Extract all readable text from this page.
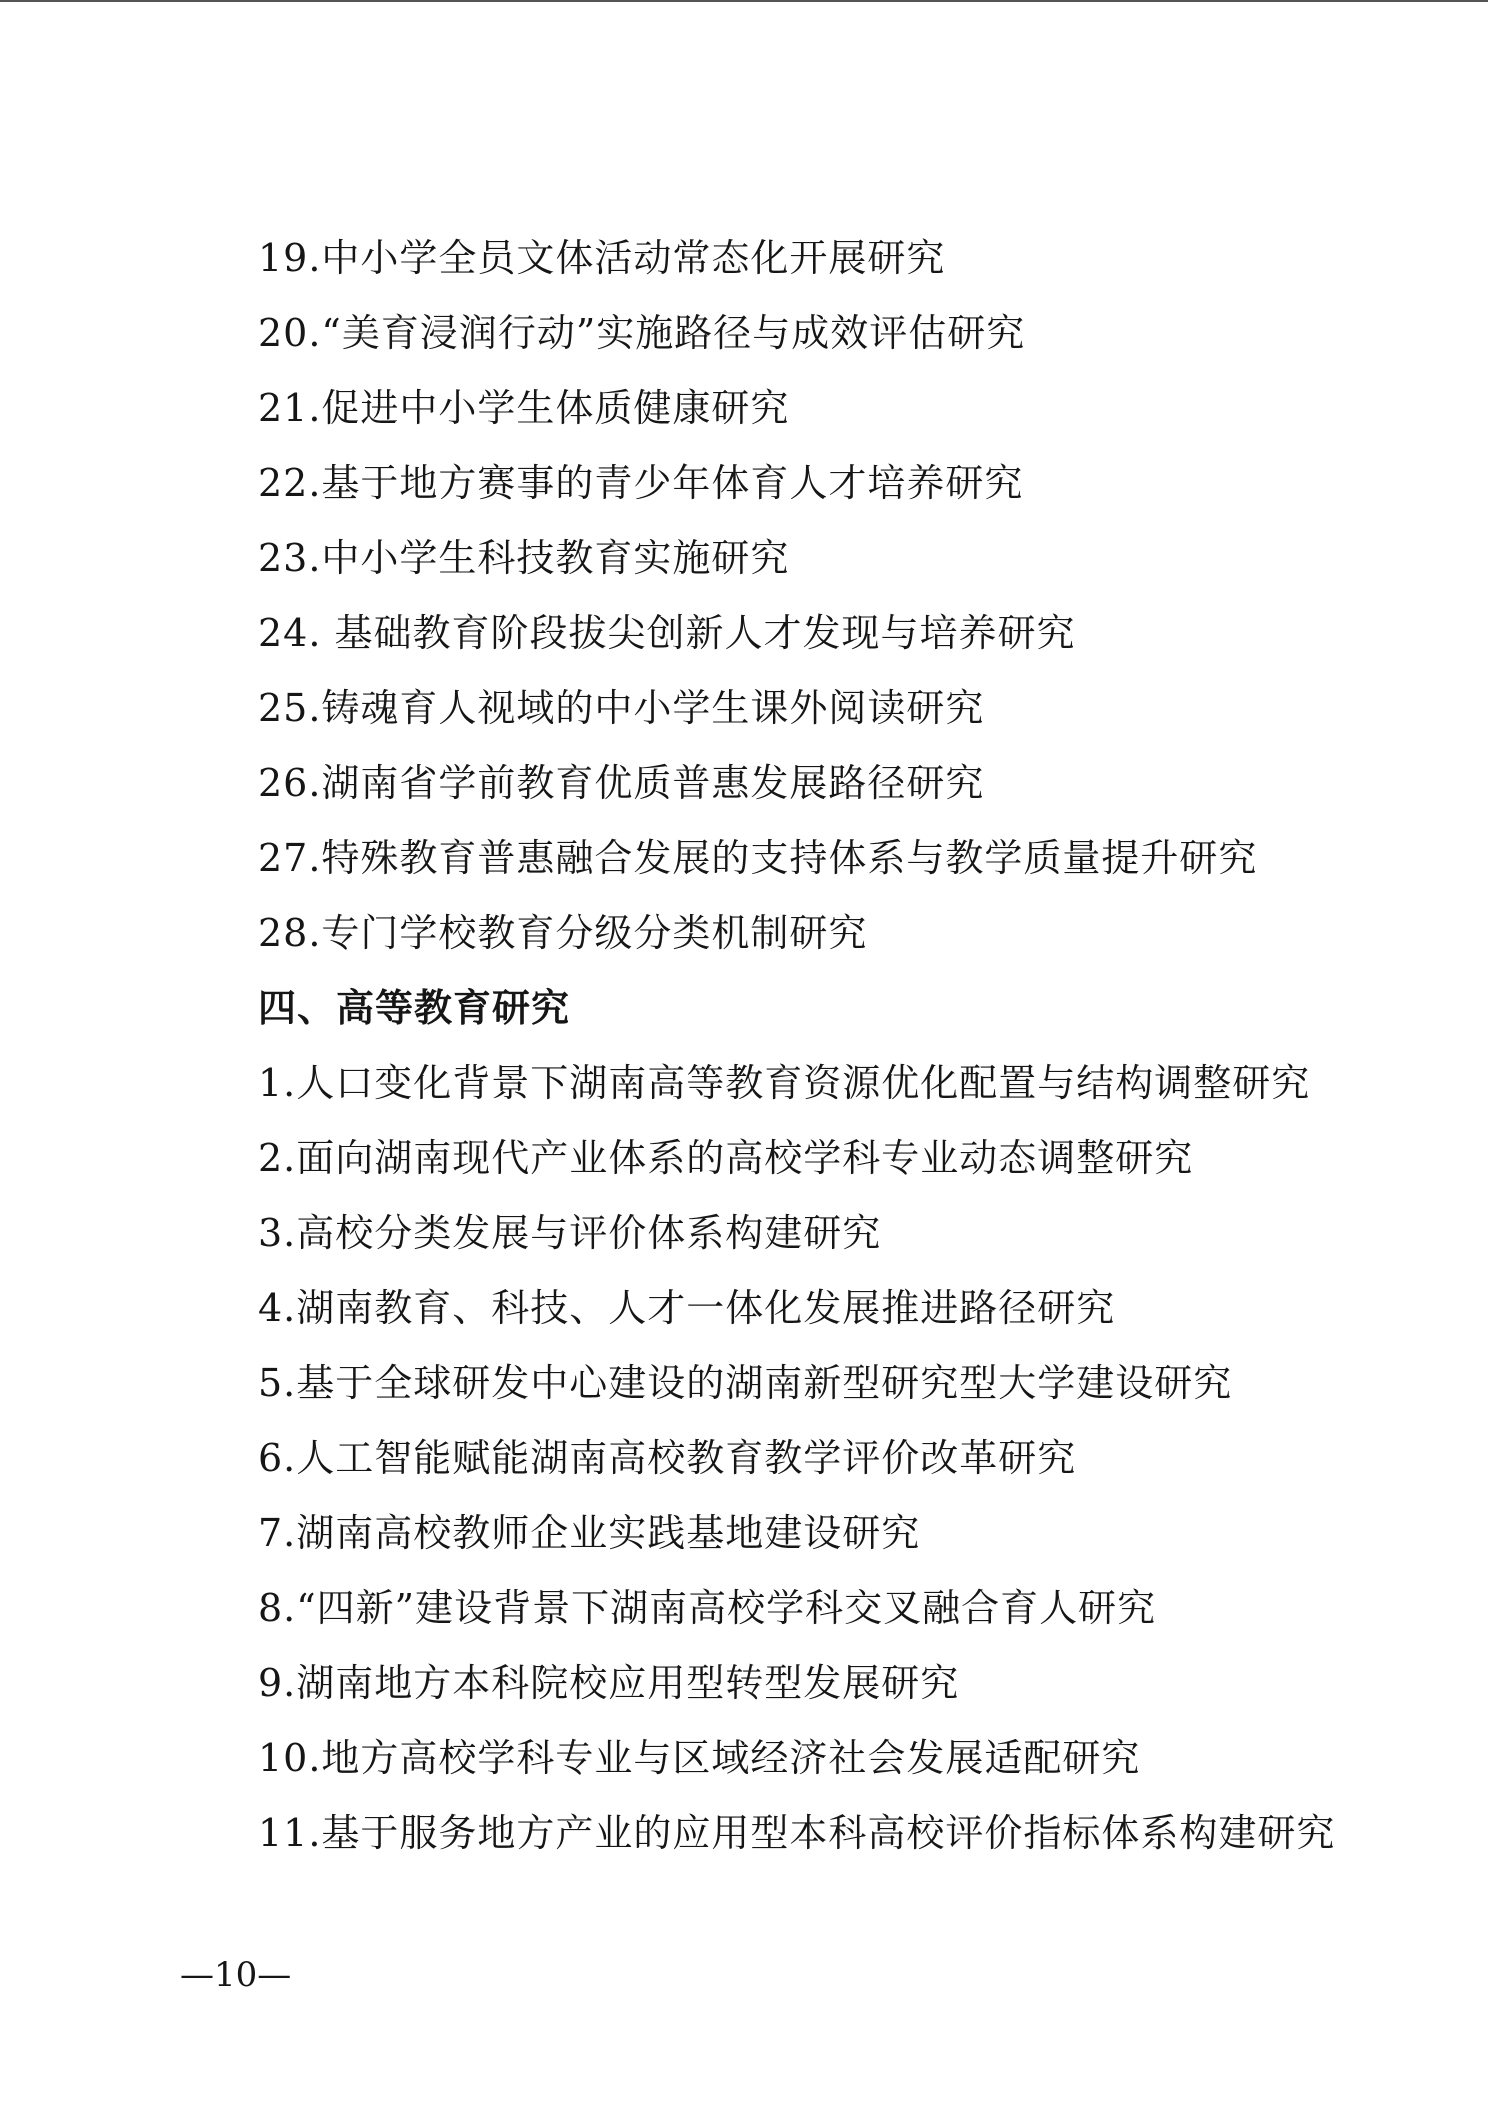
19.中小学全员文体活动常态化开展研究
20.“美育浸润行动”实施路径与成效评估研究
21.促进中小学生体质健康研究
22.基于地方赛事的青少年体育人才培养研究
23.中小学生科技教育实施研究
24. 基础教育阶段拔尖创新人才发现与培养研究
25.铸魂育人视域的中小学生课外阅读研究
26.湖南省学前教育优质普惠发展路径研究
27.特殊教育普惠融合发展的支持体系与教学质量提升研究
28.专门学校教育分级分类机制研究
四、高等教育研究
1.人口变化背景下湖南高等教育资源优化配置与结构调整研究
2.面向湖南现代产业体系的高校学科专业动态调整研究
3.高校分类发展与评价体系构建研究
4.湖南教育、科技、人才一体化发展推进路径研究
5.基于全球研发中心建设的湖南新型研究型大学建设研究
6.人工智能赋能湖南高校教育教学评价改革研究
7.湖南高校教师企业实践基地建设研究
8.“四新”建设背景下湖南高校学科交叉融合育人研究
9.湖南地方本科院校应用型转型发展研究
10.地方高校学科专业与区域经济社会发展适配研究
11.基于服务地方产业的应用型本科高校评价指标体系构建研究
—10—
